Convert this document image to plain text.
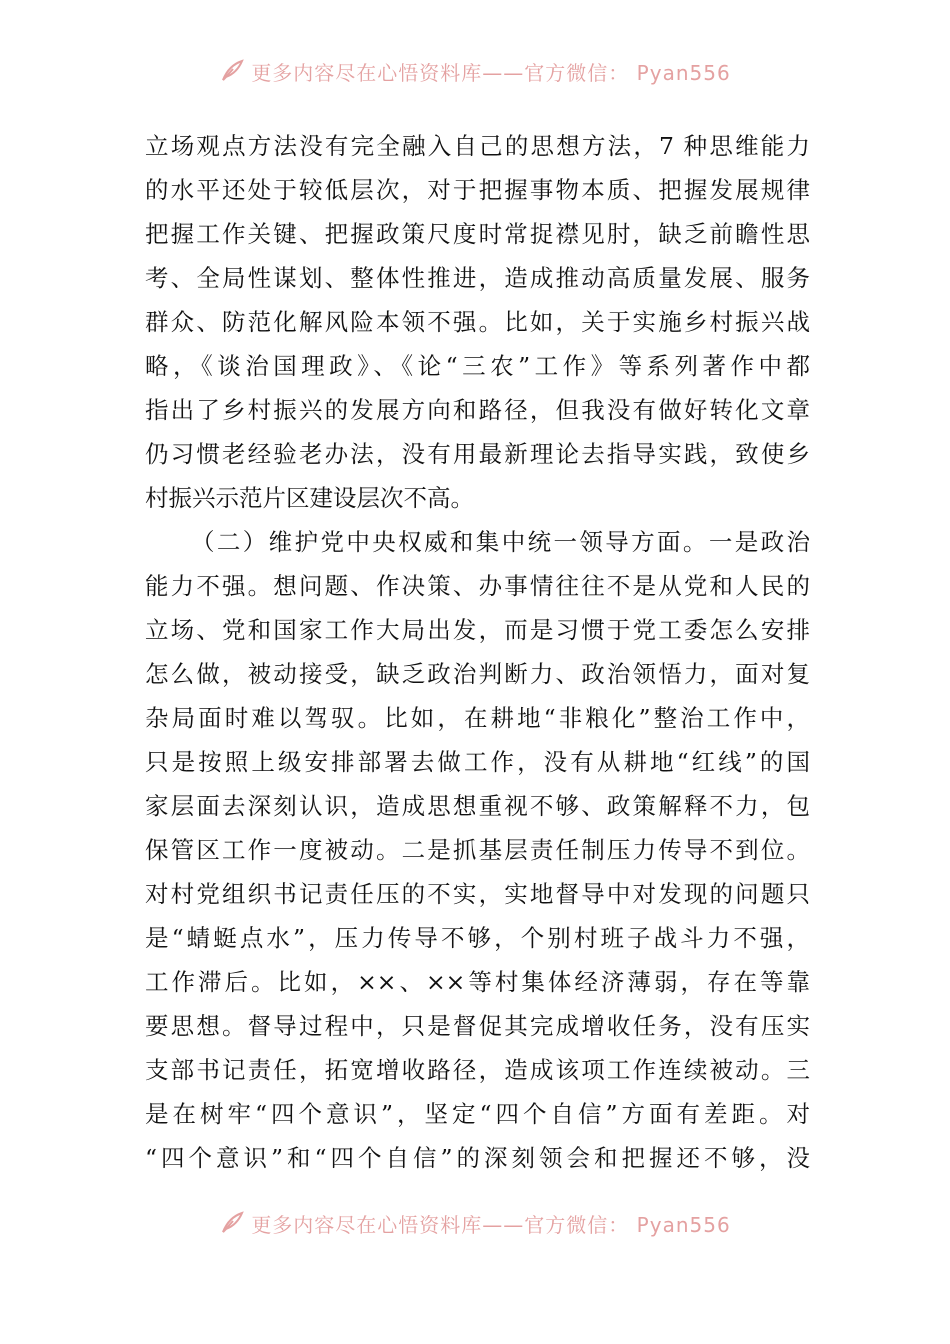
更多内容尽在心悟资料库——官方微信： Pyan556
立场观点方法没有完全融入自己的思想方法，7 种思维能力
的水平还处于较低层次，对于把握事物本质、把握发展规律
把握工作关键、把握政策尺度时常捉襟见肘，缺乏前瞻性思
考、全局性谋划、整体性推进，造成推动高质量发展、服务
群众、防范化解风险本领不强。比如，关于实施乡村振兴战
略，《谈治国理政》、《论“三农”工作》等系列著作中都
指出了乡村振兴的发展方向和路径，但我没有做好转化文章
仍习惯老经验老办法，没有用最新理论去指导实践，致使乡
村振兴示范片区建设层次不高。
（二）维护党中央权威和集中统一领导方面。一是政治
能力不强。想问题、作决策、办事情往往不是从党和人民的
立场、党和国家工作大局出发，而是习惯于党工委怎么安排
怎么做，被动接受，缺乏政治判断力、政治领悟力，面对复
杂局面时难以驾驭。比如，在耕地“非粮化”整治工作中，
只是按照上级安排部署去做工作，没有从耕地“红线”的国
家层面去深刻认识，造成思想重视不够、政策解释不力，包
保管区工作一度被动。二是抓基层责任制压力传导不到位。
对村党组织书记责任压的不实，实地督导中对发现的问题只
是“蜻蜓点水”，压力传导不够，个别村班子战斗力不强，
工作滞后。比如，××、××等村集体经济薄弱，存在等靠
要思想。督导过程中，只是督促其完成增收任务，没有压实
支部书记责任，拓宽增收路径，造成该项工作连续被动。三
是在树牢“四个意识”，坚定“四个自信”方面有差距。对
“四个意识”和“四个自信”的深刻领会和把握还不够，没
更多内容尽在心悟资料库——官方微信： Pyan556
